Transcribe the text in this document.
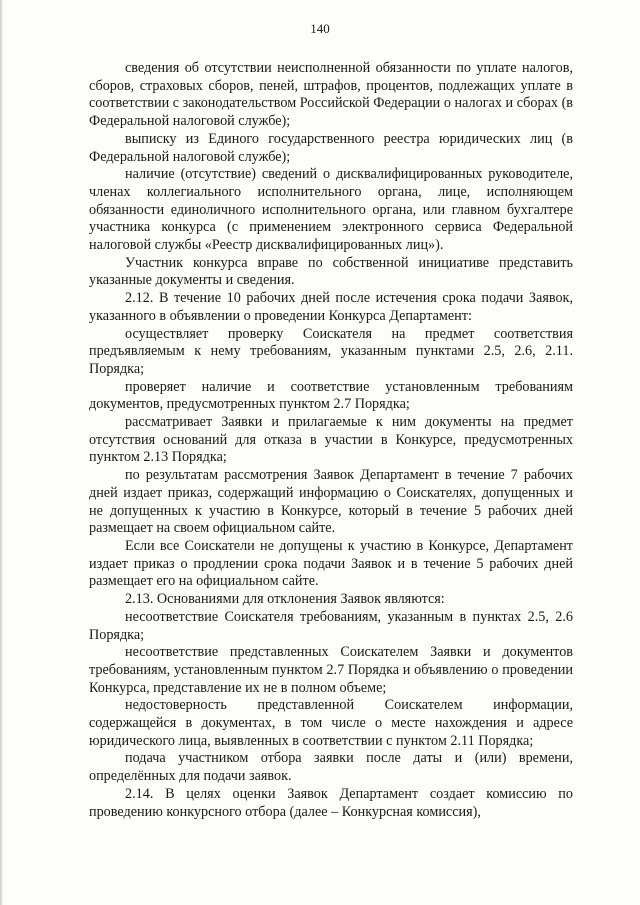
140

сведения об отсутствии неисполненной обязанности по уплате налогов, сборов, страховых сборов, пеней, штрафов, процентов, подлежащих уплате в соответствии с законодательством Российской Федерации о налогах и сборах (в Федеральной налоговой службе);

выписку из Единого государственного реестра юридических лиц (в Федеральной налоговой службе);

наличие (отсутствие) сведений о дисквалифицированных руководителе, членах коллегиального исполнительного органа, лице, исполняющем обязанности единоличного исполнительного органа, или главном бухгалтере участника конкурса (с применением электронного сервиса Федеральной налоговой службы «Реестр дисквалифицированных лиц»).

Участник конкурса вправе по собственной инициативе представить указанные документы и сведения.

2.12. В течение 10 рабочих дней после истечения срока подачи Заявок, указанного в объявлении о проведении Конкурса Департамент:

осуществляет проверку Соискателя на предмет соответствия предъявляемым к нему требованиям, указанным пунктами 2.5, 2.6, 2.11. Порядка;

проверяет наличие и соответствие установленным требованиям документов, предусмотренных пунктом 2.7 Порядка;

рассматривает Заявки и прилагаемые к ним документы на предмет отсутствия оснований для отказа в участии в Конкурсе, предусмотренных пунктом 2.13 Порядка;

по результатам рассмотрения Заявок Департамент в течение 7 рабочих дней издает приказ, содержащий информацию о Соискателях, допущенных и не допущенных к участию в Конкурсе, который в течение 5 рабочих дней размещает на своем официальном сайте.

Если все Соискатели не допущены к участию в Конкурсе, Департамент издает приказ о продлении срока подачи Заявок и в течение 5 рабочих дней размещает его на официальном сайте.

2.13. Основаниями для отклонения Заявок являются:

несоответствие Соискателя требованиям, указанным в пунктах 2.5, 2.6 Порядка;

несоответствие представленных Соискателем Заявки и документов требованиям, установленным пунктом 2.7 Порядка и объявлению о проведении Конкурса, представление их не в полном объеме;

недостоверность представленной Соискателем информации, содержащейся в документах, в том числе о месте нахождения и адресе юридического лица, выявленных в соответствии с пунктом 2.11 Порядка;

подача участником отбора заявки после даты и (или) времени, определённых для подачи заявок.

2.14. В целях оценки Заявок Департамент создает комиссию по проведению конкурсного отбора (далее – Конкурсная комиссия),
